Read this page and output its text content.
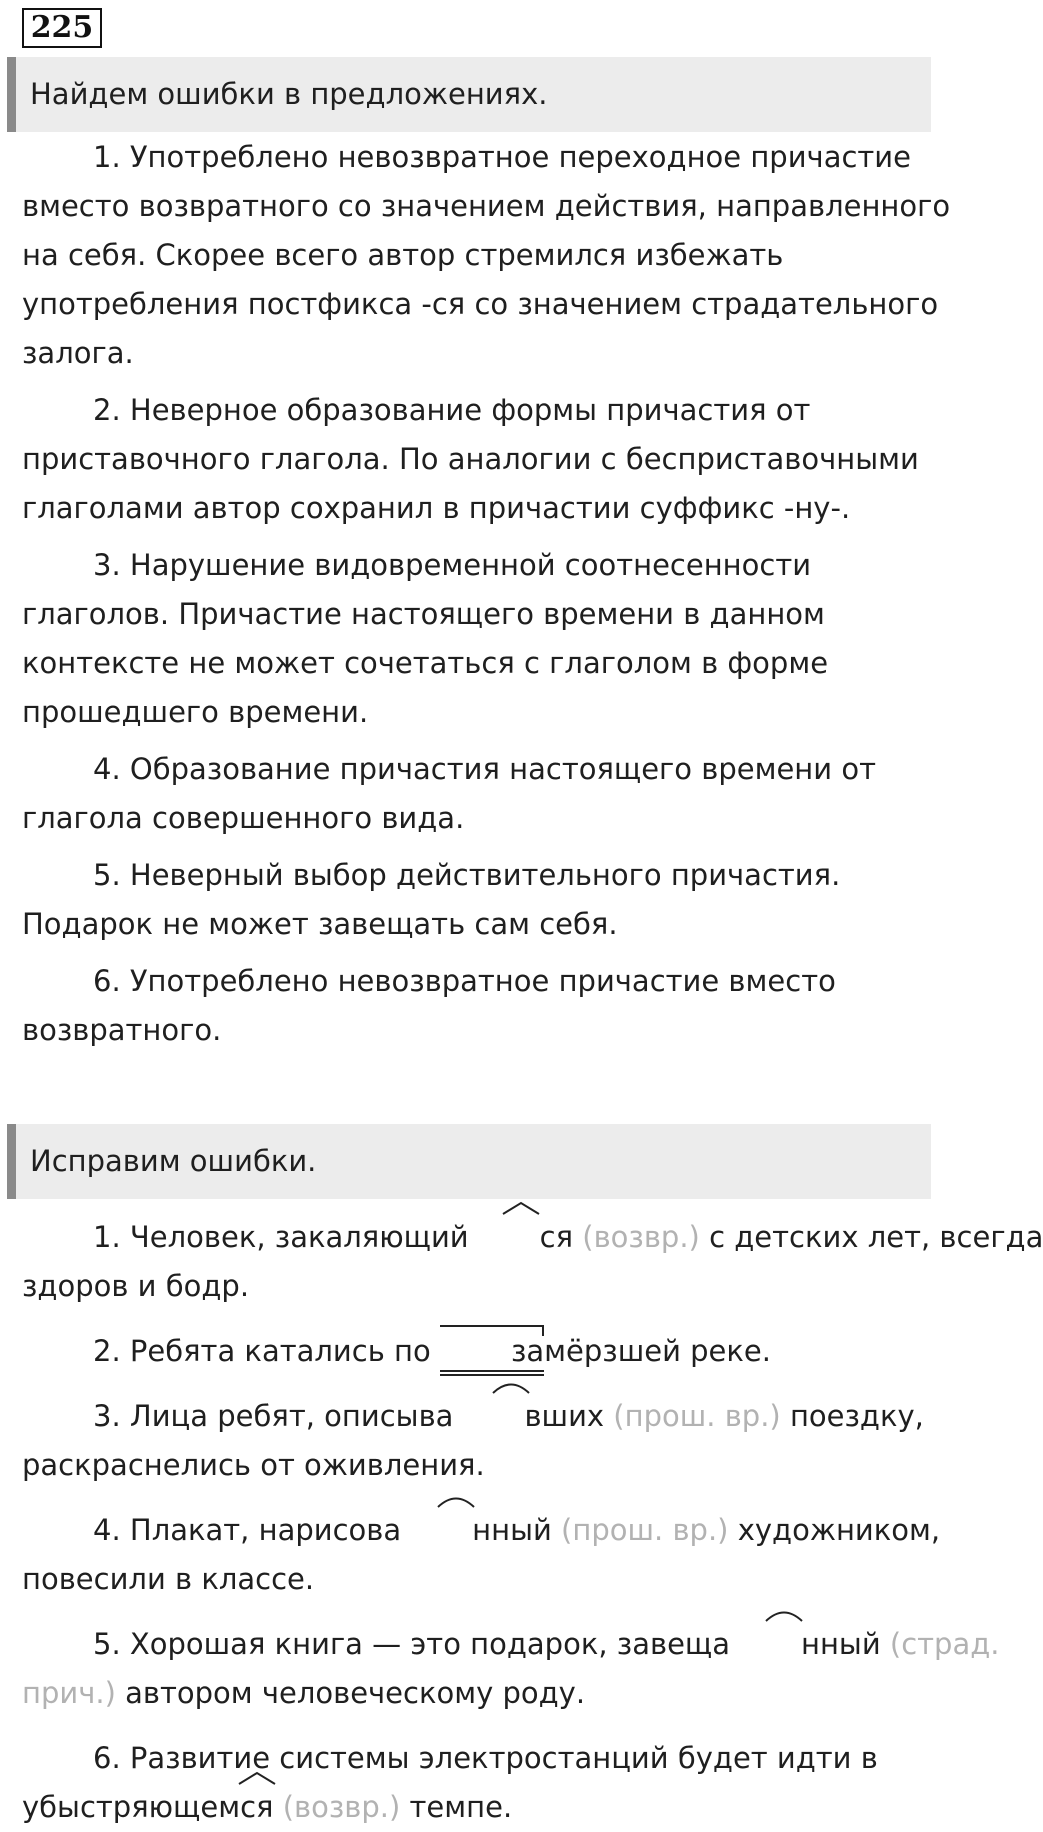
225
Найдем ошибки в предложениях.

1. Употреблено невозвратное переходное причастие

вместо возвратного со значением действия, направленного

на себя. Скорее всего автор стремился избежать

употребления постфикса -ся со значением страдательного

залога.

2. Неверное образование формы причастия от

приставочного глагола. По аналогии с бесприставочными

глаголами автор сохранил в причастии суффикс -ну-.

3. Нарушение видовременной соотнесенности

глаголов. Причастие настоящего времени в данном

контексте не может сочетаться с глаголом в форме

прошедшего времени.

4. Образование причастия настоящего времени от

глагола совершенного вида.

5. Неверный выбор действительного причастия.

Подарок не может завещать сам себя.

6. Употреблено невозвратное причастие вместо

возвратного.

Исправим ошибки.

1. Человек, закаляющий ся (возвр.) с детских лет, всегда

здоров и бодр.

2. Ребята катались по замёрзшей реке.

3. Лица ребят, описыва вших (прош. вр.) поездку,

раскраснелись от оживления.

4. Плакат, нарисова нный (прош. вр.) художником,

повесили в классе.

5. Хорошая книга — это подарок, завеща нный (страд.

прич.) автором человеческому роду.

6. Развитие системы электростанций будет идти в

убыстряющем
ся (возвр.) темпе.
